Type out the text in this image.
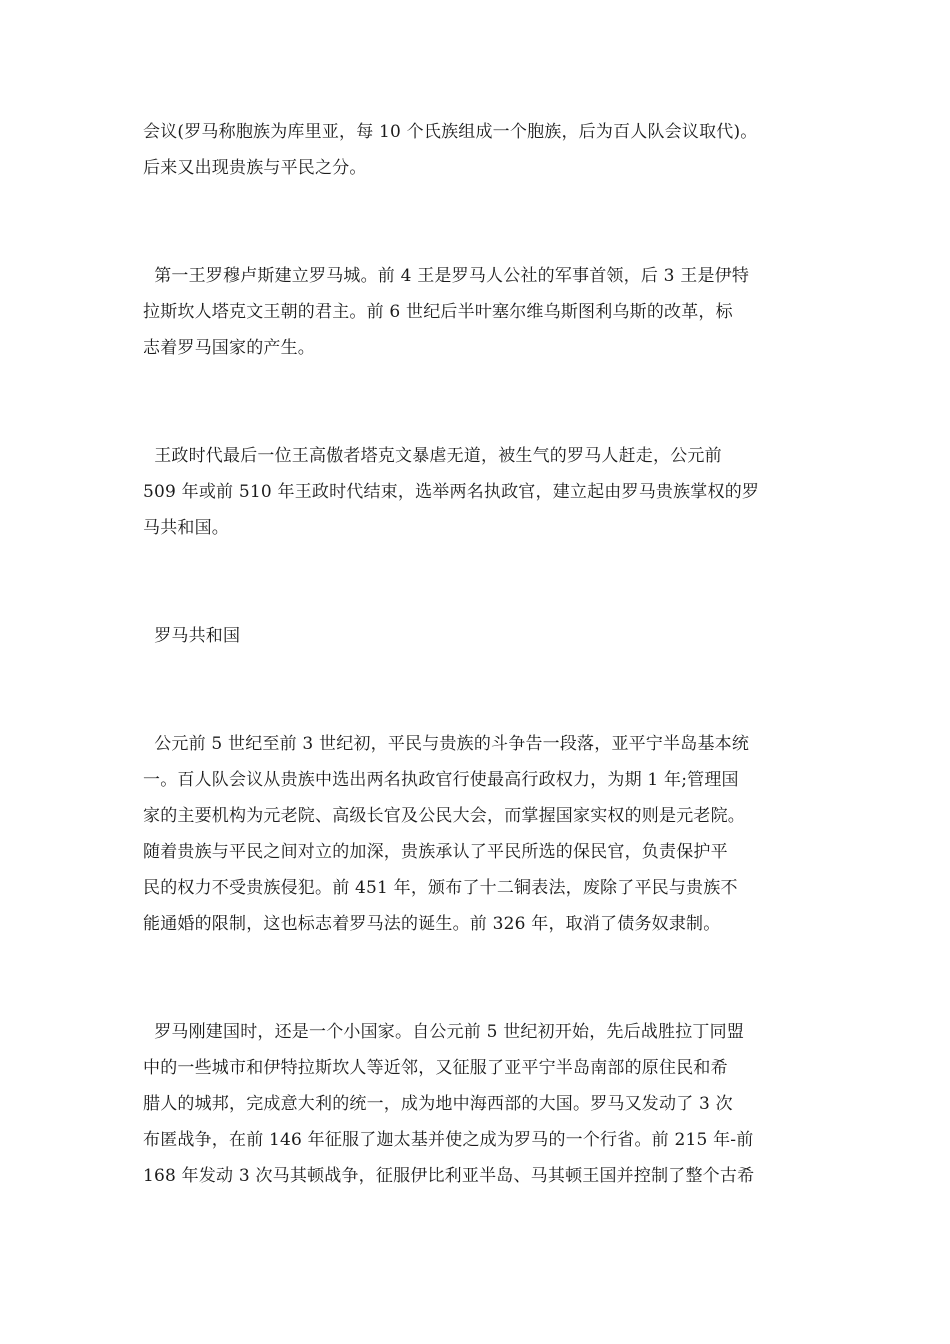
会议(罗马称胞族为库里亚，每 10 个氏族组成一个胞族，后为百人队会议取代)。
后来又出现贵族与平民之分。
第一王罗穆卢斯建立罗马城。前 4 王是罗马人公社的军事首领，后 3 王是伊特
拉斯坎人塔克文王朝的君主。前 6 世纪后半叶塞尔维乌斯图利乌斯的改革，标
志着罗马国家的产生。
王政时代最后一位王高傲者塔克文暴虐无道，被生气的罗马人赶走，公元前
509 年或前 510 年王政时代结束，选举两名执政官，建立起由罗马贵族掌权的罗
马共和国。
罗马共和国
公元前 5 世纪至前 3 世纪初，平民与贵族的斗争告一段落，亚平宁半岛基本统
一。百人队会议从贵族中选出两名执政官行使最高行政权力，为期 1 年;管理国
家的主要机构为元老院、高级长官及公民大会，而掌握国家实权的则是元老院。
随着贵族与平民之间对立的加深，贵族承认了平民所选的保民官，负责保护平
民的权力不受贵族侵犯。前 451 年，颁布了十二铜表法，废除了平民与贵族不
能通婚的限制，这也标志着罗马法的诞生。前 326 年，取消了债务奴隶制。
罗马刚建国时，还是一个小国家。自公元前 5 世纪初开始，先后战胜拉丁同盟
中的一些城市和伊特拉斯坎人等近邻，又征服了亚平宁半岛南部的原住民和希
腊人的城邦，完成意大利的统一，成为地中海西部的大国。罗马又发动了 3 次
布匿战争，在前 146 年征服了迦太基并使之成为罗马的一个行省。前 215 年-前
168 年发动 3 次马其顿战争，征服伊比利亚半岛、马其顿王国并控制了整个古希
